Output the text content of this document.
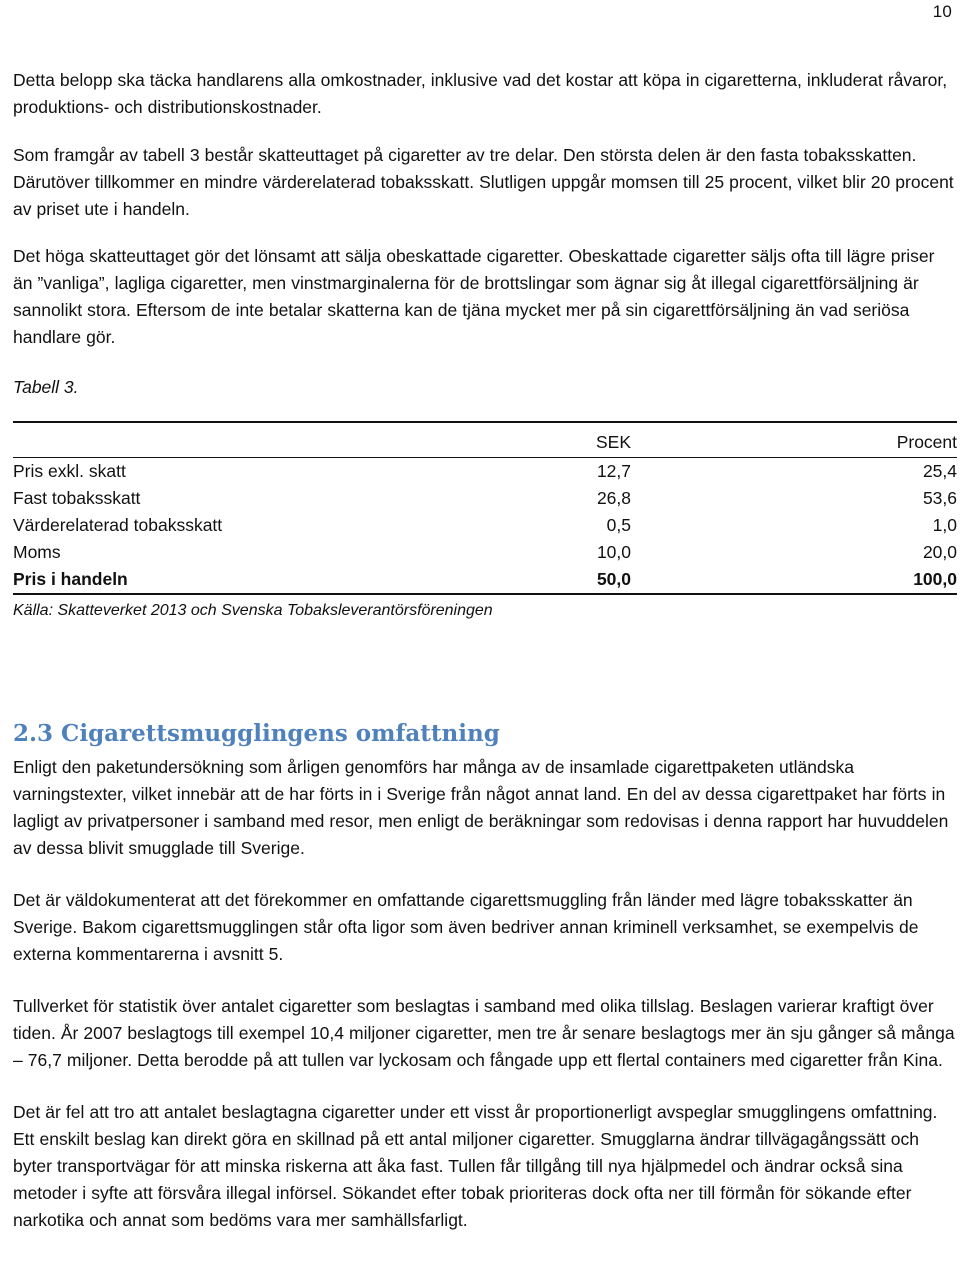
10

Detta belopp ska täcka handlarens alla omkostnader, inklusive vad det kostar att köpa in cigaretterna, inkluderat råvaror, produktions- och distributionskostnader.

Som framgår av tabell 3 består skatteuttaget på cigaretter av tre delar. Den största delen är den fasta tobaksskatten. Därutöver tillkommer en mindre värderelaterad tobaksskatt. Slutligen uppgår momsen till 25 procent, vilket blir 20 procent av priset ute i handeln.

Det höga skatteuttaget gör det lönsamt att sälja obeskattade cigaretter. Obeskattade cigaretter säljs ofta till lägre priser än ”vanliga”, lagliga cigaretter, men vinstmarginalerna för de brottslingar som ägnar sig åt illegal cigarettförsäljning är sannolikt stora. Eftersom de inte betalar skatterna kan de tjäna mycket mer på sin cigarettförsäljning än vad seriösa handlare gör.

Tabell 3.
	SEK	Procent
Pris exkl. skatt	12,7	25,4
Fast tobaksskatt	26,8	53,6
Värderelaterad tobaksskatt	0,5	1,0
Moms	10,0	20,0
Pris i handeln	50,0	100,0
Källa: Skatteverket 2013 och Svenska Tobaksleverantörsföreningen
2.3 Cigarettsmugglingens omfattning

Enligt den paketundersökning som årligen genomförs har många av de insamlade cigarettpaketen utländska varningstexter, vilket innebär att de har förts in i Sverige från något annat land. En del av dessa cigarettpaket har förts in lagligt av privatpersoner i samband med resor, men enligt de beräkningar som redovisas i denna rapport har huvuddelen av dessa blivit smugglade till Sverige.

Det är väldokumenterat att det förekommer en omfattande cigarettsmuggling från länder med lägre tobaksskatter än Sverige. Bakom cigarettsmugglingen står ofta ligor som även bedriver annan kriminell verksamhet, se exempelvis de externa kommentarerna i avsnitt 5.

Tullverket för statistik över antalet cigaretter som beslagtas i samband med olika tillslag. Beslagen varierar kraftigt över tiden. År 2007 beslagtogs till exempel 10,4 miljoner cigaretter, men tre år senare beslagtogs mer än sju gånger så många – 76,7 miljoner. Detta berodde på att tullen var lyckosam och fångade upp ett flertal containers med cigaretter från Kina.

Det är fel att tro att antalet beslagtagna cigaretter under ett visst år proportionerligt avspeglar smugglingens omfattning. Ett enskilt beslag kan direkt göra en skillnad på ett antal miljoner cigaretter. Smugglarna ändrar tillvägagångssätt och byter transportvägar för att minska riskerna att åka fast. Tullen får tillgång till nya hjälpmedel och ändrar också sina metoder i syfte att försvåra illegal införsel. Sökandet efter tobak prioriteras dock ofta ner till förmån för sökande efter narkotika och annat som bedöms vara mer samhällsfarligt.
